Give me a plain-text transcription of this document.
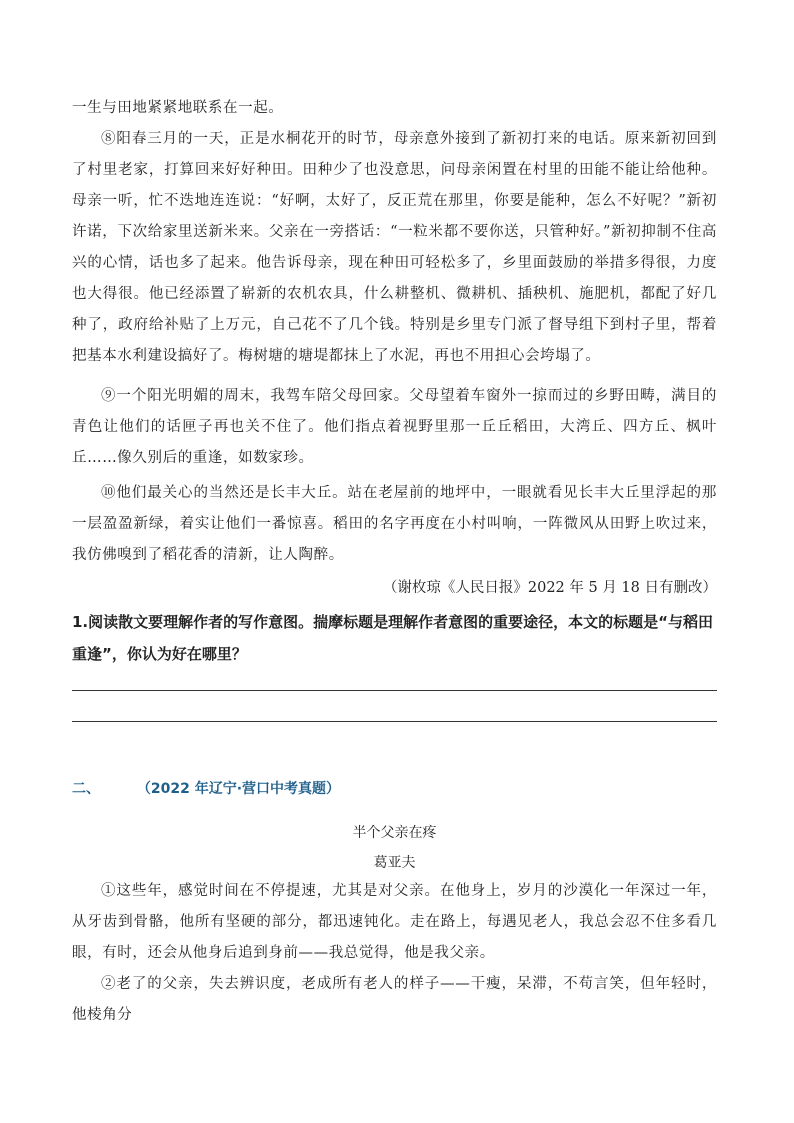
一生与田地紧紧地联系在一起。

⑧阳春三月的一天，正是水桐花开的时节，母亲意外接到了新初打来的电话。原来新初回到了村里老家，打算回来好好种田。田种少了也没意思，问母亲闲置在村里的田能不能让给他种。母亲一听，忙不迭地连连说：“好啊，太好了，反正荒在那里，你要是能种，怎么不好呢？”新初许诺，下次给家里送新米来。父亲在一旁搭话：“一粒米都不要你送，只管种好。”新初抑制不住高兴的心情，话也多了起来。他告诉母亲，现在种田可轻松多了，乡里面鼓励的举措多得很，力度也大得很。他已经添置了崭新的农机农具，什么耕整机、微耕机、插秧机、施肥机，都配了好几种了，政府给补贴了上万元，自己花不了几个钱。特别是乡里专门派了督导组下到村子里，帮着把基本水利建设搞好了。梅树塘的塘堤都抹上了水泥，再也不用担心会垮塌了。

⑨一个阳光明媚的周末，我驾车陪父母回家。父母望着车窗外一掠而过的乡野田畴，满目的青色让他们的话匣子再也关不住了。他们指点着视野里那一丘丘稻田，大湾丘、四方丘、枫叶丘……像久别后的重逢，如数家珍。

⑩他们最关心的当然还是长丰大丘。站在老屋前的地坪中，一眼就看见长丰大丘里浮起的那一层盈盈新绿，着实让他们一番惊喜。稻田的名字再度在小村叫响，一阵微风从田野上吹过来，我仿佛嗅到了稻花香的清新，让人陶醉。

（谢枚琼《人民日报》2022 年 5 月 18 日有删改）

1.阅读散文要理解作者的写作意图。揣摩标题是理解作者意图的重要途径，本文的标题是“与稻田重逢”，你认为好在哪里？

二、	（2022 年辽宁·营口中考真题）
半个父亲在疼
葛亚夫

①这些年，感觉时间在不停提速，尤其是对父亲。在他身上，岁月的沙漠化一年深过一年，从牙齿到骨骼，他所有坚硬的部分，都迅速钝化。走在路上，每遇见老人，我总会忍不住多看几眼，有时，还会从他身后追到身前——我总觉得，他是我父亲。

②老了的父亲，失去辨识度，老成所有老人的样子——干瘦，呆滞，不苟言笑，但年轻时，他棱角分
